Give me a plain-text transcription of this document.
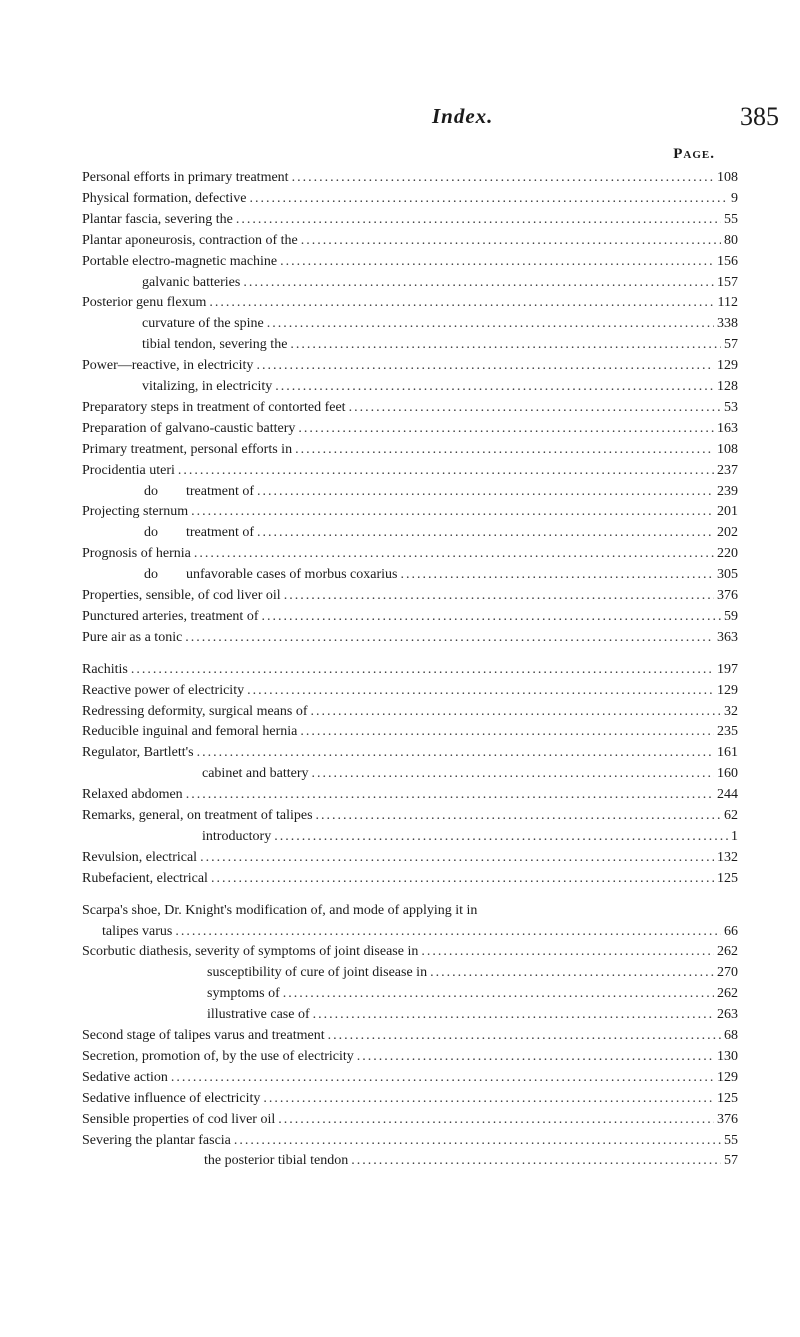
Index.	385
Page.
Personal efforts in primary treatment .....	108
Physical formation, defective .....	9
Plantar fascia, severing the .....	55
Plantar aponeurosis, contraction of the .....	80
Portable electro-magnetic machine .....	156
galvanic batteries .....	157
Posterior genu flexum .....	112
curvature of the spine .....	338
tibial tendon, severing the .....	57
Power—reactive, in electricity .....	129
vitalizing, in electricity .....	128
Preparatory steps in treatment of contorted feet .....	53
Preparation of galvano-caustic battery .....	163
Primary treatment, personal efforts in .....	108
Procidentia uteri .....	237
do        treatment of .....	239
Projecting sternum .....	201
do        treatment of .....	202
Prognosis of hernia .....	220
do        unfavorable cases of morbus coxarius .....	305
Properties, sensible, of cod liver oil .....	376
Punctured arteries, treatment of .....	59
Pure air as a tonic .....	363
Rachitis .....	197
Reactive power of electricity .....	129
Redressing deformity, surgical means of .....	32
Reducible inguinal and femoral hernia .....	235
Regulator, Bartlett's .....	161
cabinet and battery .....	160
Relaxed abdomen .....	244
Remarks, general, on treatment of talipes .....	62
introductory .....	1
Revulsion, electrical .....	132
Rubefacient, electrical .....	125
Scarpa's shoe, Dr. Knight's modification of, and mode of applying it in
talipes varus .....	66
Scorbutic diathesis, severity of symptoms of joint disease in .....	262
susceptibility of cure of joint disease in .....	270
symptoms of .....	262
illustrative case of .....	263
Second stage of talipes varus and treatment .....	68
Secretion, promotion of, by the use of electricity .....	130
Sedative action .....	129
Sedative influence of electricity .....	125
Sensible properties of cod liver oil .....	376
Severing the plantar fascia .....	55
the posterior tibial tendon .....	57
